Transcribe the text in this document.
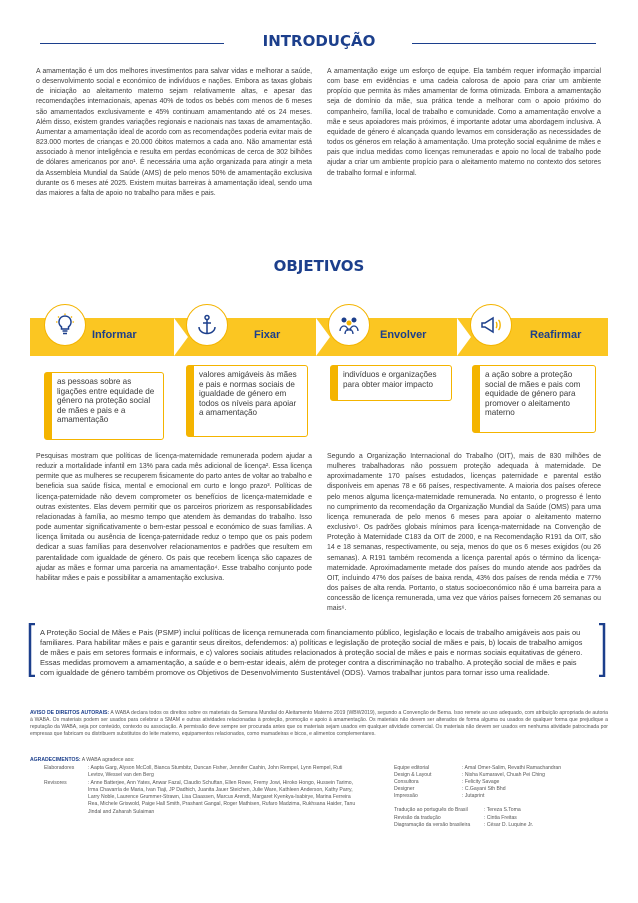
INTRODUÇÃO
A amamentação é um dos melhores investimentos para salvar vidas e melhorar a saúde, o desenvolvimento social e económico de indivíduos e nações. Embora as taxas globais de iniciação ao aleitamento materno sejam relativamente altas, e apesar das recomendações internacionais, apenas 40% de todos os bebés com menos de 6 meses são amamentados exclusivamente e 45% continuam amamentando até os 24 meses. Além disso, existem grandes variações regionais e nacionais nas taxas de amamentação. Aumentar a amamentação ideal de acordo com as recomendações poderia evitar mais de 823.000 mortes de crianças e 20.000 óbitos maternos a cada ano. Não amamentar está associado à menor inteligência e resulta em perdas económicas de cerca de 302 bilhões de dólares americanos por ano¹. É necessária uma ação organizada para atingir a meta da Assembleia Mundial da Saúde (AMS) de pelo menos 50% de amamentação exclusiva durante os 6 meses até 2025. Existem muitas barreiras à amamentação ideal, sendo uma das maiores a falta de apoio no trabalho para mães e pais.
A amamentação exige um esforço de equipe. Ela também requer informação imparcial com base em evidências e uma cadeia calorosa de apoio para criar um ambiente propício que permita às mães amamentar de forma otimizada. Embora a amamentação seja de domínio da mãe, sua prática tende a melhorar com o apoio próximo do companheiro, família, local de trabalho e comunidade. Como a amamentação envolve a mãe e seus apoiadores mais próximos, é importante adotar uma abordagem inclusiva. A equidade de género é alcançada quando levamos em consideração as necessidades de todos os géneros em relação à amamentação. Uma proteção social equânime de mães e pais que inclua medidas como licenças remuneradas e apoio no local de trabalho pode ajudar a criar um ambiente propício para o aleitamento materno no contexto dos setores de trabalho formal e informal.
OBJETIVOS
Informar	Fixar	Envolver	Reafirmar
as pessoas sobre as ligações entre equidade de género na proteção social de mães e pais e a amamentação
valores amigáveis às mães e pais e normas sociais de igualdade de género em todos os níveis para apoiar a amamentação
indivíduos e organizações para obter maior impacto
a ação sobre a proteção social de mães e pais com equidade de género para promover o aleitamento materno
Pesquisas mostram que políticas de licença-maternidade remunerada podem ajudar a reduzir a mortalidade infantil em 13% para cada mês adicional de licença². Essa licença permite que as mulheres se recuperem fisicamente do parto antes de voltar ao trabalho e beneficia sua saúde física, mental e emocional em curto e longo prazo³. Políticas de licença-paternidade não devem comprometer os benefícios de licença-maternidade e outras existentes. Elas devem permitir que os parceiros priorizem as responsabilidades relacionadas à família, ao mesmo tempo que atendem às demandas do trabalho. Isso pode aumentar significativamente o bem-estar pessoal e económico de suas famílias. A licença limitada ou ausência de licença-paternidade reduz o tempo que os pais podem dedicar a suas famílias para desenvolver relacionamentos e padrões que resultem em parentalidade com igualdade de género. Os pais que recebem licença são capazes de ajudar as mães e formar uma parceria na amamentação⁴. Esse trabalho conjunto pode habilitar mães e pais e possibilitar a amamentação exclusiva.
Segundo a Organização Internacional do Trabalho (OIT), mais de 830 milhões de mulheres trabalhadoras não possuem proteção adequada à maternidade. De aproximadamente 170 países estudados, licenças paternidade e parental estão disponíveis em apenas 78 e 66 países, respectivamente. A maioria dos países oferece pelo menos alguma licença-maternidade remunerada. No entanto, o progresso é lento no cumprimento da recomendação da Organização Mundial da Saúde (OMS) para uma licença remunerada de pelo menos 6 meses para apoiar o aleitamento materno exclusivo⁵. Os padrões globais mínimos para licença-maternidade na Convenção de Proteção à Maternidade C183 da OIT de 2000, e na Recomendação R191 da OIT, são 14 e 18 semanas, respectivamente, ou seja, menos do que os 6 meses exigidos (ou 26 semanas). A R191 também recomenda a licença parental após o término da licença-maternidade. Aproximadamente metade dos países do mundo atende aos padrões da OIT, incluindo 47% dos países de baixa renda, 43% dos países de renda média e 77% dos países de alta renda. Portanto, o status socioeconómico não é uma barreira para a concessão de licença remunerada, uma vez que vários países fornecem 26 semanas ou mais⁶.
A Proteção Social de Mães e Pais (PSMP) inclui políticas de licença remunerada com financiamento público, legislação e locais de trabalho amigáveis aos pais ou familiares. Para habilitar mães e pais e garantir seus direitos, defendemos: a) políticas e legislação de proteção social de mães e pais, b) locais de trabalho amigos de mães e pais em setores formais e informais, e c) valores sociais atitudes relacionados à proteção social de mães e pais e normas sociais equitativas de género. Essas medidas promovem a amamentação, a saúde e o bem-estar ideais, além de proteger contra a discriminação no trabalho. A proteção social de mães e pais com igualdade de género também promove os Objetivos de Desenvolvimento Sustentável (ODS). Vamos trabalhar juntos para tornar isso uma realidade.
AVISO DE DIREITOS AUTORAIS: A WABA declara todos os direitos sobre os materiais da Semana Mundial do Aleitamento Materno 2019 (WBW2019), segundo a Convenção de Berna. Isso remete ao uso adequado, com atribuição apropriada de autoria à WABA. Os materiais podem ser usados para celebrar a SMAM e outras atividades relacionadas à proteção, promoção e apoio à amamentação. Os materiais não devem ser alterados de forma alguma ou usados de qualquer forma que prejudique a reputação da WABA, seja por conteúdo, contexto ou associação. A permissão deve sempre ser procurada antes que os materiais sejam usados em qualquer atividade comercial. Os materiais não devem ser usados em nenhuma atividade patrocinada por empresas que fabricam ou distribuem substitutos do leite materno, equipamentos relacionados, como mamadeiras e bicos, e alimentos complementares.
AGRADECIMENTOS: A WABA agradece aos:
Elaboradores	: Aapta Garg, Alyson McColl, Bianca Stumbitz, Duncan Fisher, Jennifer Cashin, John Rempel, Lynn Rempel, Ruti Levtov, Wessel van den Berg
Revisores	: Anne Batterjee, Ann Yates, Anwar Fazal, Claudio Schuftan, Ellen Rowe, Fremy Jowi, Hiroko Hongo, Hussein Tarimo, Irma Chavarría de Maria, Ivan Tiaji, JP Dadhich, Juanita Jauer Steichen, Julie Ware, Kathleen Anderson, Kathy Parry, Larry Noble, Laurence Grummer-Strawn, Lisa Claassen, Marcus Arendt, Margaret Kyenkya-Isabirye, Marina Ferreira Rea, Michele Griswold, Paige Hall Smith, Prashant Gangal, Roger Mathisen, Rufaro Madzima, Rukhsana Haider, Tanu Jindal and Zaharah Sulaiman
Equipe editorial	: Amal Omer-Salim, Revathi Ramachandran
Design & Layout	: Nisha Kumaravel, Chuah Pei Ching
Consultora	: Felicity Savage
Designer	: C.Gayani Sth Bhd
Impressão	: Jutaprint
Tradução ao português do Brasil	: Tereza S.Toma
Revisão da tradução	: Cintia Freitas
Diagramação da versão brasileira	: César D. Luquine Jr.
